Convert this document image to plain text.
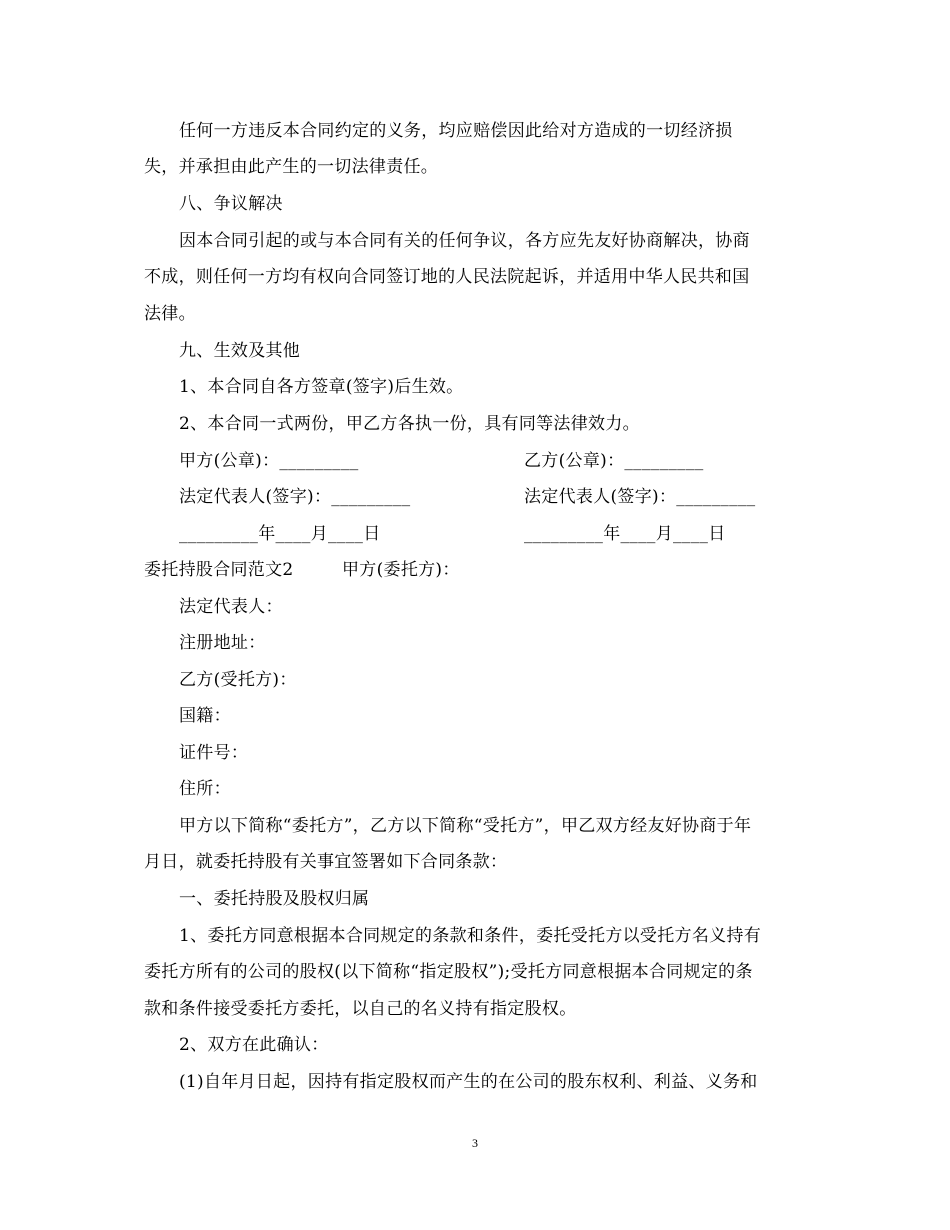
任何一方违反本合同约定的义务，均应赔偿因此给对方造成的一切经济损
失，并承担由此产生的一切法律责任。
八、争议解决
因本合同引起的或与本合同有关的任何争议，各方应先友好协商解决，协商
不成，则任何一方均有权向合同签订地的人民法院起诉，并适用中华人民共和国
法律。
九、生效及其他
1、本合同自各方签章(签字)后生效。
2、本合同一式两份，甲乙方各执一份，具有同等法律效力。
甲方(公章)：_________	乙方(公章)：_________
法定代表人(签字)：_________	法定代表人(签字)：_________
_________年____月____日	_________年____月____日
委托持股合同范文2	甲方(委托方)：
法定代表人：
注册地址：
乙方(受托方)：
国籍：
证件号：
住所：
甲方以下简称“委托方”，乙方以下简称“受托方”，甲乙双方经友好协商于年
月日，就委托持股有关事宜签署如下合同条款：
一、委托持股及股权归属
1、委托方同意根据本合同规定的条款和条件，委托受托方以受托方名义持有
委托方所有的公司的股权(以下简称“指定股权”);受托方同意根据本合同规定的条
款和条件接受委托方委托，以自己的名义持有指定股权。
2、双方在此确认：
(1)自年月日起，因持有指定股权而产生的在公司的股东权利、利益、义务和
3
